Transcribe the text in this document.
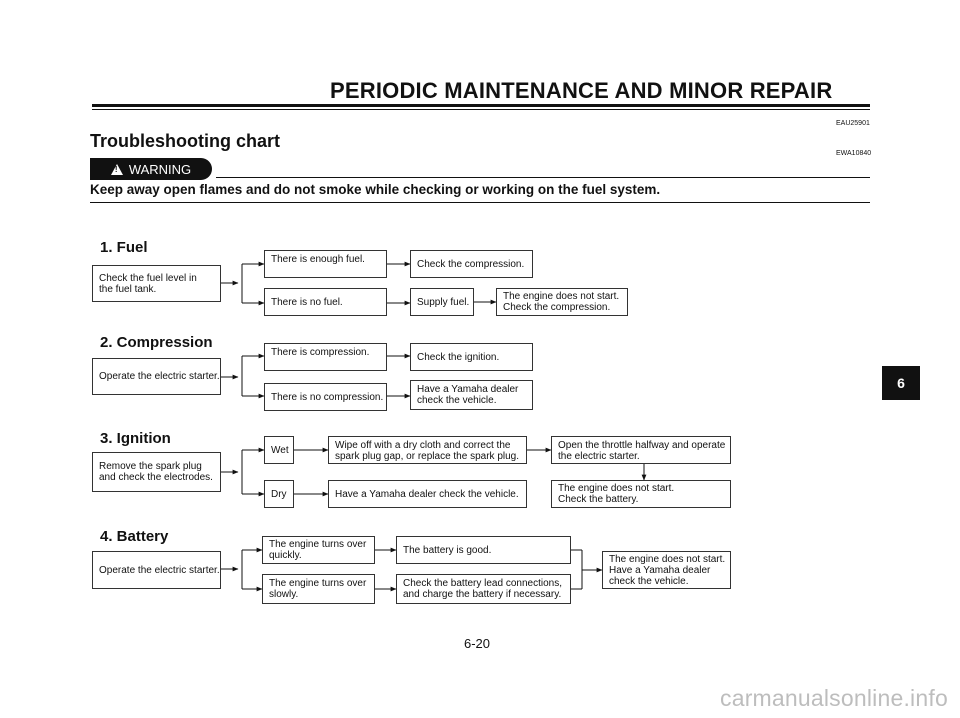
PERIODIC MAINTENANCE AND MINOR REPAIR
EAU25901
Troubleshooting chart
EWA10840
! WARNING
Keep away open flames and do not smoke while checking or working on the fuel system.
1. Fuel
Check the fuel level in
the fuel tank.
There is enough fuel.
There is no fuel.
Check the compression.
Supply fuel.	The engine does not start.
Check the compression.
2. Compression
Operate the electric starter.
There is compression.
There is no compression.
Check the ignition.
Have a Yamaha dealer
check the vehicle.
3. Ignition
Remove the spark plug
and check the electrodes.
Wet
Dry
Wipe off with a dry cloth and correct the
spark plug gap, or replace the spark plug.
Have a Yamaha dealer check the vehicle.
Open the throttle halfway and operate
the electric starter.
The engine does not start.
Check the battery.
4. Battery
Operate the electric starter.
The engine turns over
quickly.
The engine turns over
slowly.
The battery is good.
Check the battery lead connections,
and charge the battery if necessary.
The engine does not start.
Have a Yamaha dealer
check the vehicle.
6
6-20
carmanualsonline.info
